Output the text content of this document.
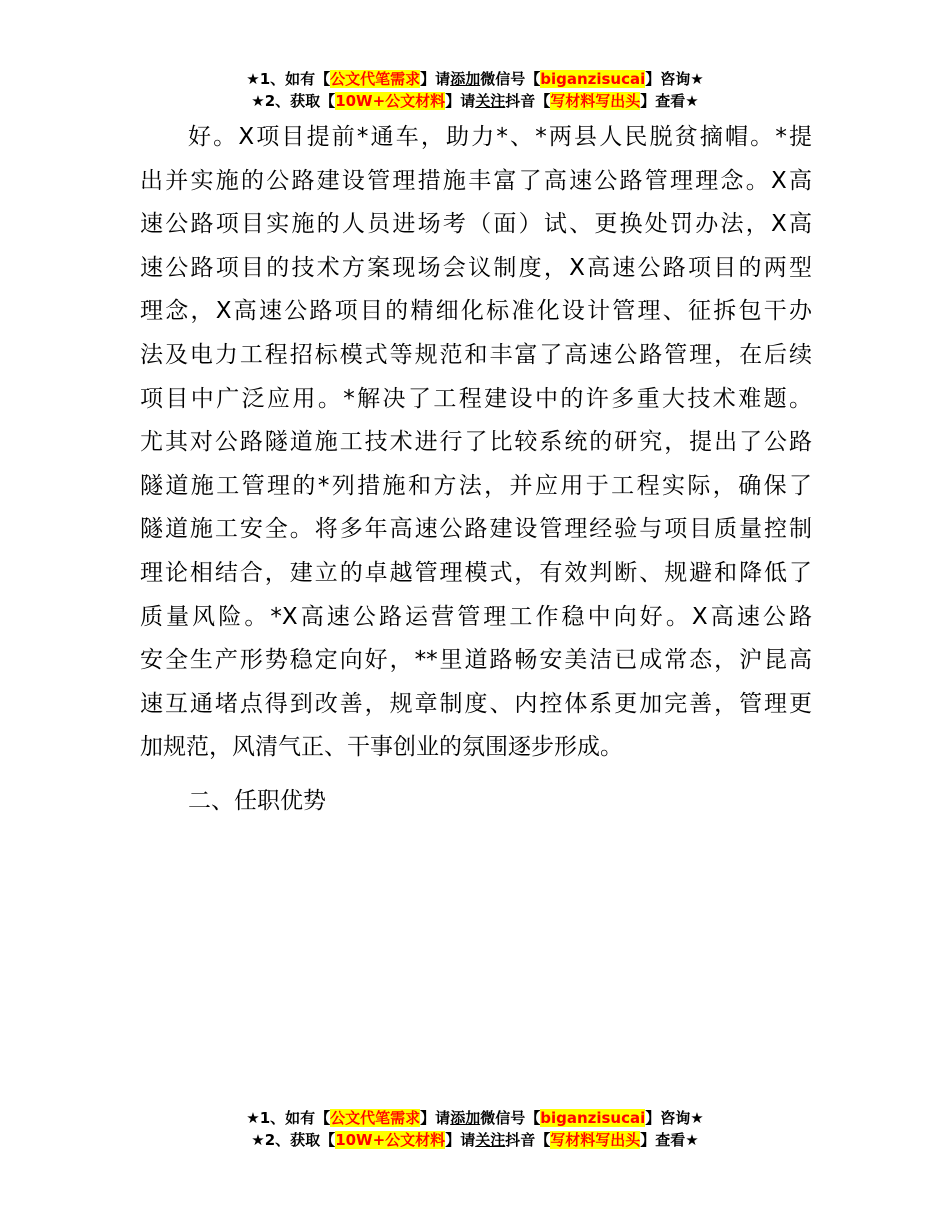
★1、如有【公文代笔需求】请添加微信号【biganzisucai】咨询★
★2、获取【10W+公文材料】请关注抖音【写材料写出头】查看★
好。X项目提前*通车，助力*、*两县人民脱贫摘帽。*提
出并实施的公路建设管理措施丰富了高速公路管理理念。X高
速公路项目实施的人员进场考（面）试、更换处罚办法，X高
速公路项目的技术方案现场会议制度，X高速公路项目的两型
理念，X高速公路项目的精细化标准化设计管理、征拆包干办
法及电力工程招标模式等规范和丰富了高速公路管理，在后续
项目中广泛应用。*解决了工程建设中的许多重大技术难题。
尤其对公路隧道施工技术进行了比较系统的研究，提出了公路
隧道施工管理的*列措施和方法，并应用于工程实际，确保了
隧道施工安全。将多年高速公路建设管理经验与项目质量控制
理论相结合，建立的卓越管理模式，有效判断、规避和降低了
质量风险。*X高速公路运营管理工作稳中向好。X高速公路
安全生产形势稳定向好，**里道路畅安美洁已成常态，沪昆高
速互通堵点得到改善，规章制度、内控体系更加完善，管理更
加规范，风清气正、干事创业的氛围逐步形成。
二、任职优势
★1、如有【公文代笔需求】请添加微信号【biganzisucai】咨询★
★2、获取【10W+公文材料】请关注抖音【写材料写出头】查看★
